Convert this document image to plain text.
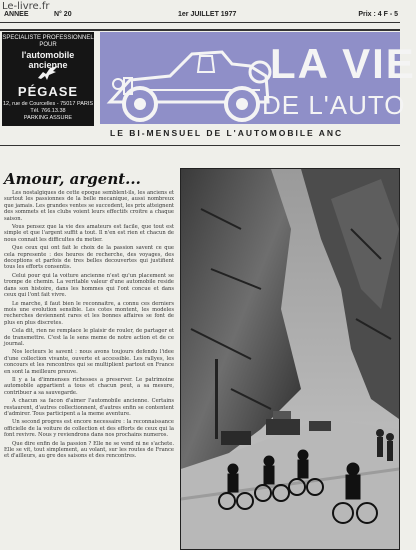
Le-livre.fr
ANNEE	N° 20	1er JUILLET 1977	Prix : 4 F - 5
SPECIALISTE PROFESSIONNEL POUR
l'automobile ancienne
PÉGASE
12, rue de Courcelles - 75017 PARIS
Tél. 766.13.38
PARKING ASSURE
LA VIE
DE L'AUTO
LE BI-MENSUEL DE L'AUTOMOBILE ANC
Amour, argent...

Les nostalgiques de cette epoque semblent-ils, les anciens et surtout les passionnes de la belle mecanique, aussi nombreux que jamais. Les grandes ventes se succedent, les prix atteignent des sommets et les clubs voient leurs effectifs croitre a chaque saison.

Vous pensez que la vie des amateurs est facile, que tout est simple et que l'argent suffit a tout. Il n'en est rien et chacun de nous connait les difficultes du metier.

Que ceux qui ont fait le choix de la passion savent ce que cela represente : des heures de recherche, des voyages, des deceptions et parfois de tres belles decouvertes qui justifient tous les efforts consentis.

Celui pour qui la voiture ancienne n'est qu'un placement se trompe de chemin. La veritable valeur d'une automobile reside dans son histoire, dans les hommes qui l'ont concue et dans ceux qui l'ont fait vivre.

Le marche, il faut bien le reconnaitre, a connu ces derniers mois une evolution sensible. Les cotes montent, les modeles recherches deviennent rares et les bonnes affaires se font de plus en plus discretes.

Cela dit, rien ne remplace le plaisir de rouler, de partager et de transmettre. C'est la le sens meme de notre action et de ce journal.

Nos lecteurs le savent : nous avons toujours defendu l'idee d'une collection vivante, ouverte et accessible. Les rallyes, les concours et les rencontres qui se multiplient partout en France en sont la meilleure preuve.

Il y a la d'immenses richesses a preserver. Le patrimoine automobile appartient a tous et chacun peut, a sa mesure, contribuer a sa sauvegarde.

A chacun sa facon d'aimer l'automobile ancienne. Certains restaurent, d'autres collectionnent, d'autres enfin se contentent d'admirer. Tous participent a la meme aventure.

Un second progres est encore necessaire : la reconnaissance officielle de la voiture de collection et des efforts de ceux qui la font revivre. Nous y reviendrons dans nos prochains numeros.

Que dire enfin de la passion ? Elle ne se vend ni ne s'achete. Elle se vit, tout simplement, au volant, sur les routes de France et d'ailleurs, au gre des saisons et des rencontres.
